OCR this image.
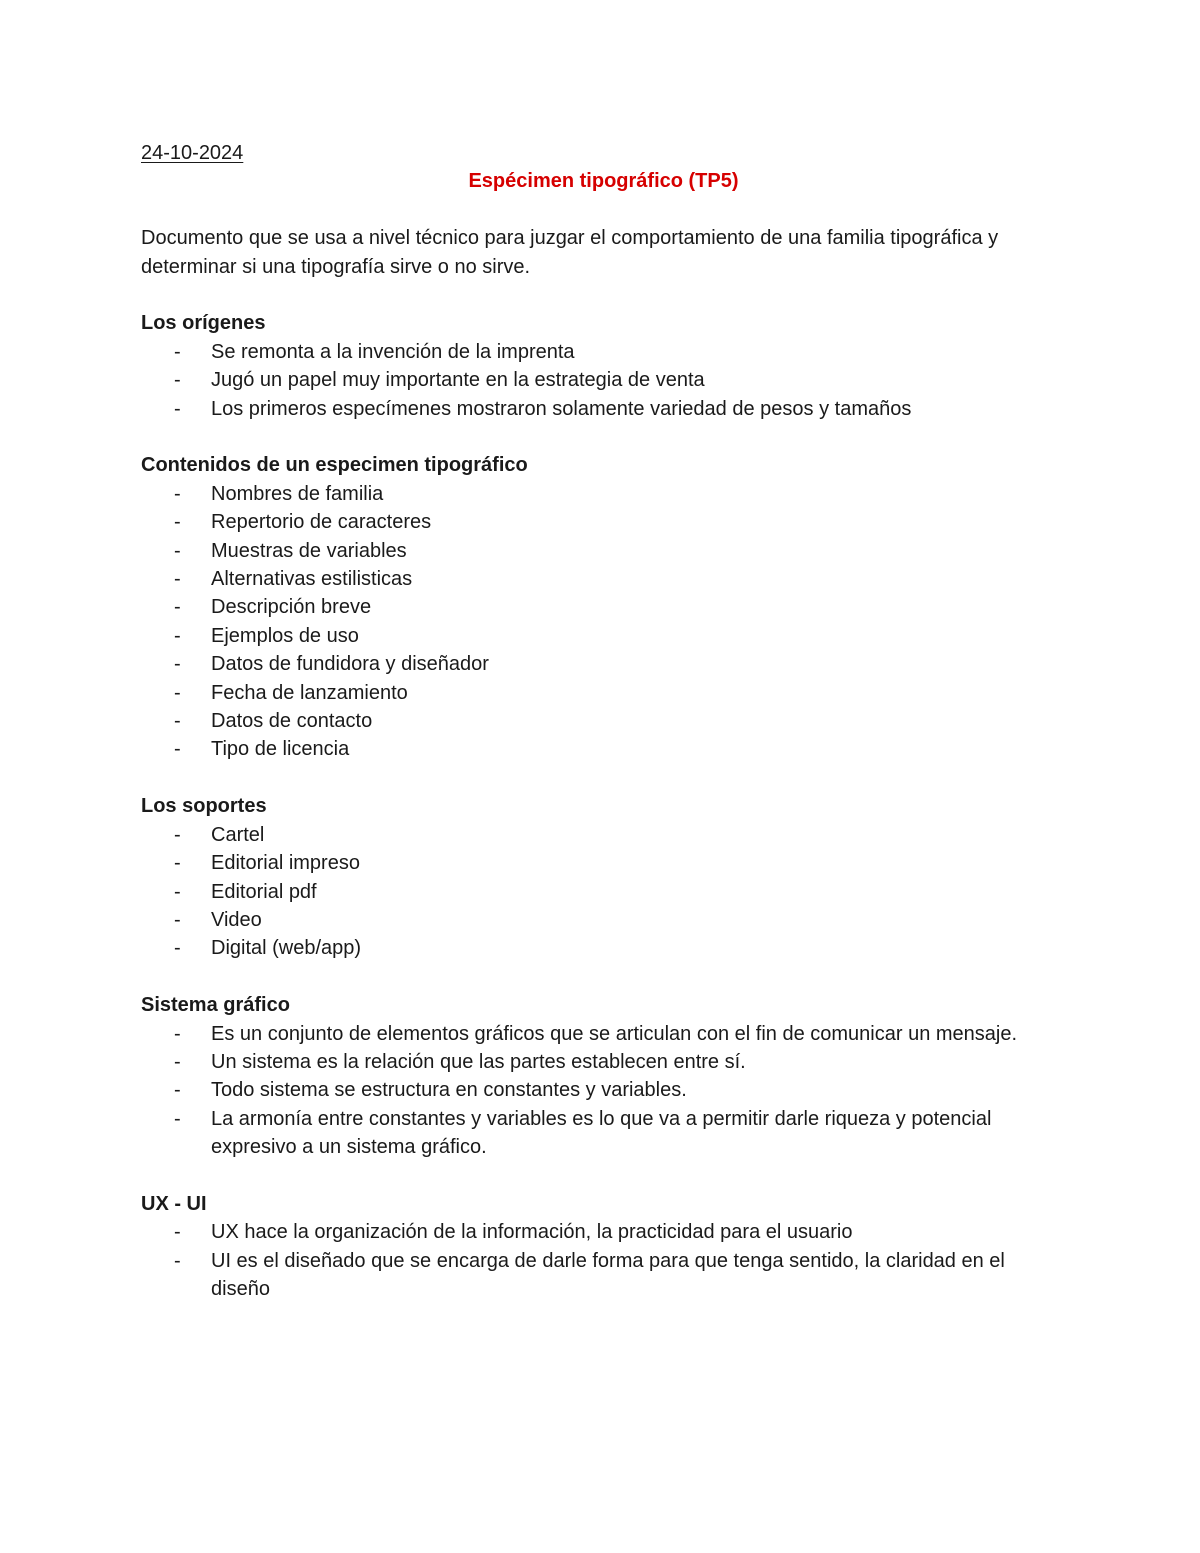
24-10-2024
Espécimen tipográfico (TP5)
Documento que se usa a nivel técnico para juzgar el comportamiento de una familia tipográfica y determinar si una tipografía sirve o no sirve.
Los orígenes
- Se remonta a la invención de la imprenta
- Jugó un papel muy importante en la estrategia de venta
- Los primeros especímenes mostraron solamente variedad de pesos y tamaños
Contenidos de un especimen tipográfico
- Nombres de familia
- Repertorio de caracteres
- Muestras de variables
- Alternativas estilisticas
- Descripción breve
- Ejemplos de uso
- Datos de fundidora y diseñador
- Fecha de lanzamiento
- Datos de contacto
- Tipo de licencia
Los soportes
- Cartel
- Editorial impreso
- Editorial pdf
- Video
- Digital (web/app)
Sistema gráfico
- Es un conjunto de elementos gráficos que se articulan con el fin de comunicar un mensaje.
- Un sistema es la relación que las partes establecen entre sí.
- Todo sistema se estructura en constantes y variables.
- La armonía entre constantes y variables es lo que va a permitir darle riqueza y potencial expresivo a un sistema gráfico.
UX - UI
- UX hace la organización de la información, la practicidad para el usuario
- UI es el diseñado que se encarga de darle forma para que tenga sentido, la claridad en el diseño
